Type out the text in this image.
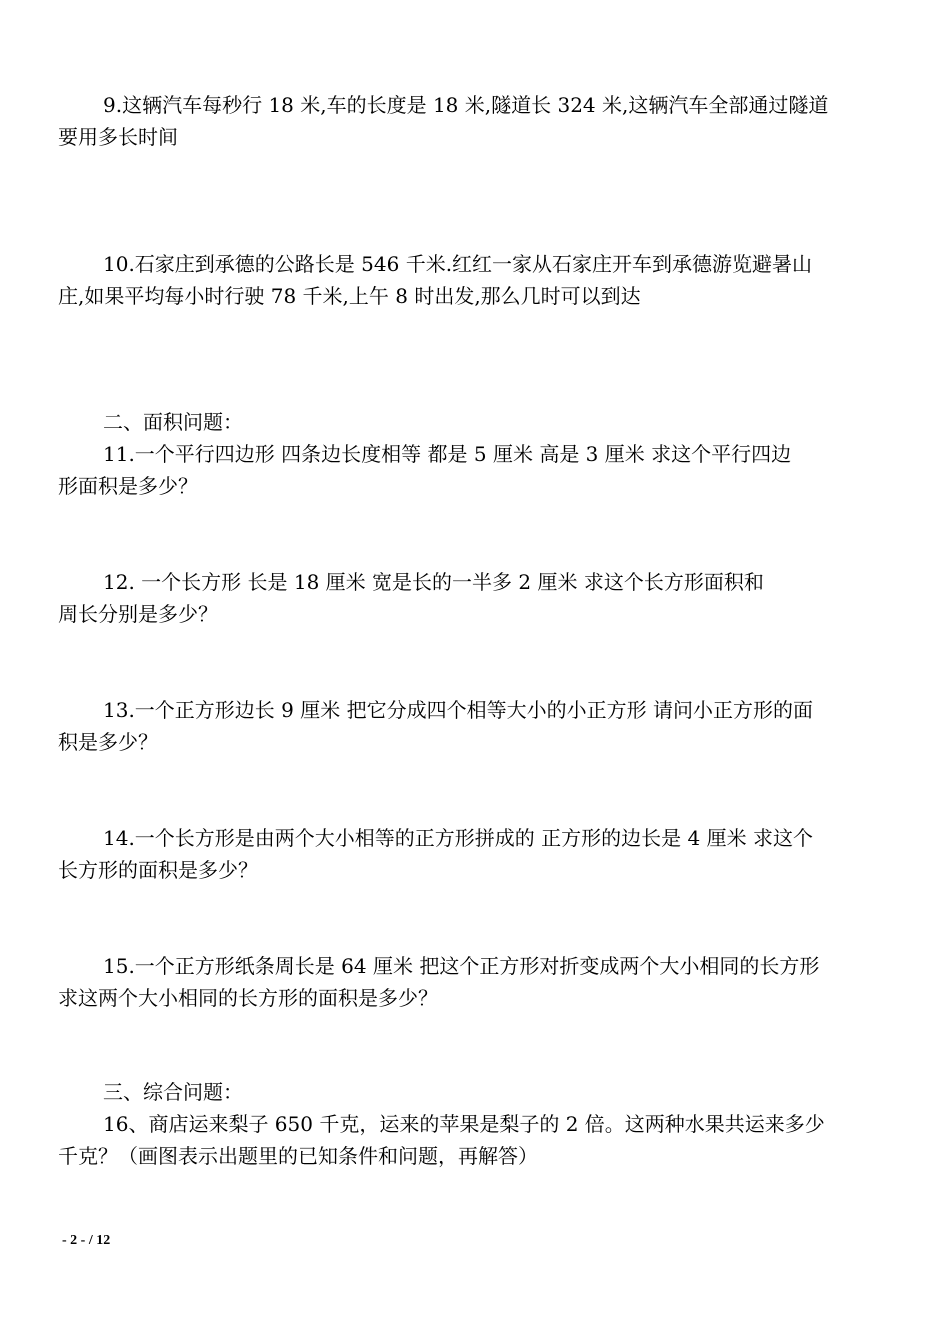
9.这辆汽车每秒行 18 米,车的长度是 18 米,隧道长 324 米,这辆汽车全部通过隧道
要用多长时间
10.石家庄到承德的公路长是 546 千米.红红一家从石家庄开车到承德游览避暑山
庄,如果平均每小时行驶 78 千米,上午 8 时出发,那么几时可以到达
二、面积问题：
11.一个平行四边形 四条边长度相等 都是 5 厘米 高是 3 厘米 求这个平行四边
形面积是多少？
12. 一个长方形 长是 18 厘米 宽是长的一半多 2 厘米 求这个长方形面积和
周长分别是多少？
13.一个正方形边长 9 厘米 把它分成四个相等大小的小正方形 请问小正方形的面
积是多少？
14.一个长方形是由两个大小相等的正方形拼成的 正方形的边长是 4 厘米 求这个
长方形的面积是多少？
15.一个正方形纸条周长是 64 厘米 把这个正方形对折变成两个大小相同的长方形
求这两个大小相同的长方形的面积是多少？
三、综合问题：
16、商店运来梨子 650 千克，运来的苹果是梨子的 2 倍。这两种水果共运来多少
千克？（画图表示出题里的已知条件和问题，再解答）
- 2 - / 12
